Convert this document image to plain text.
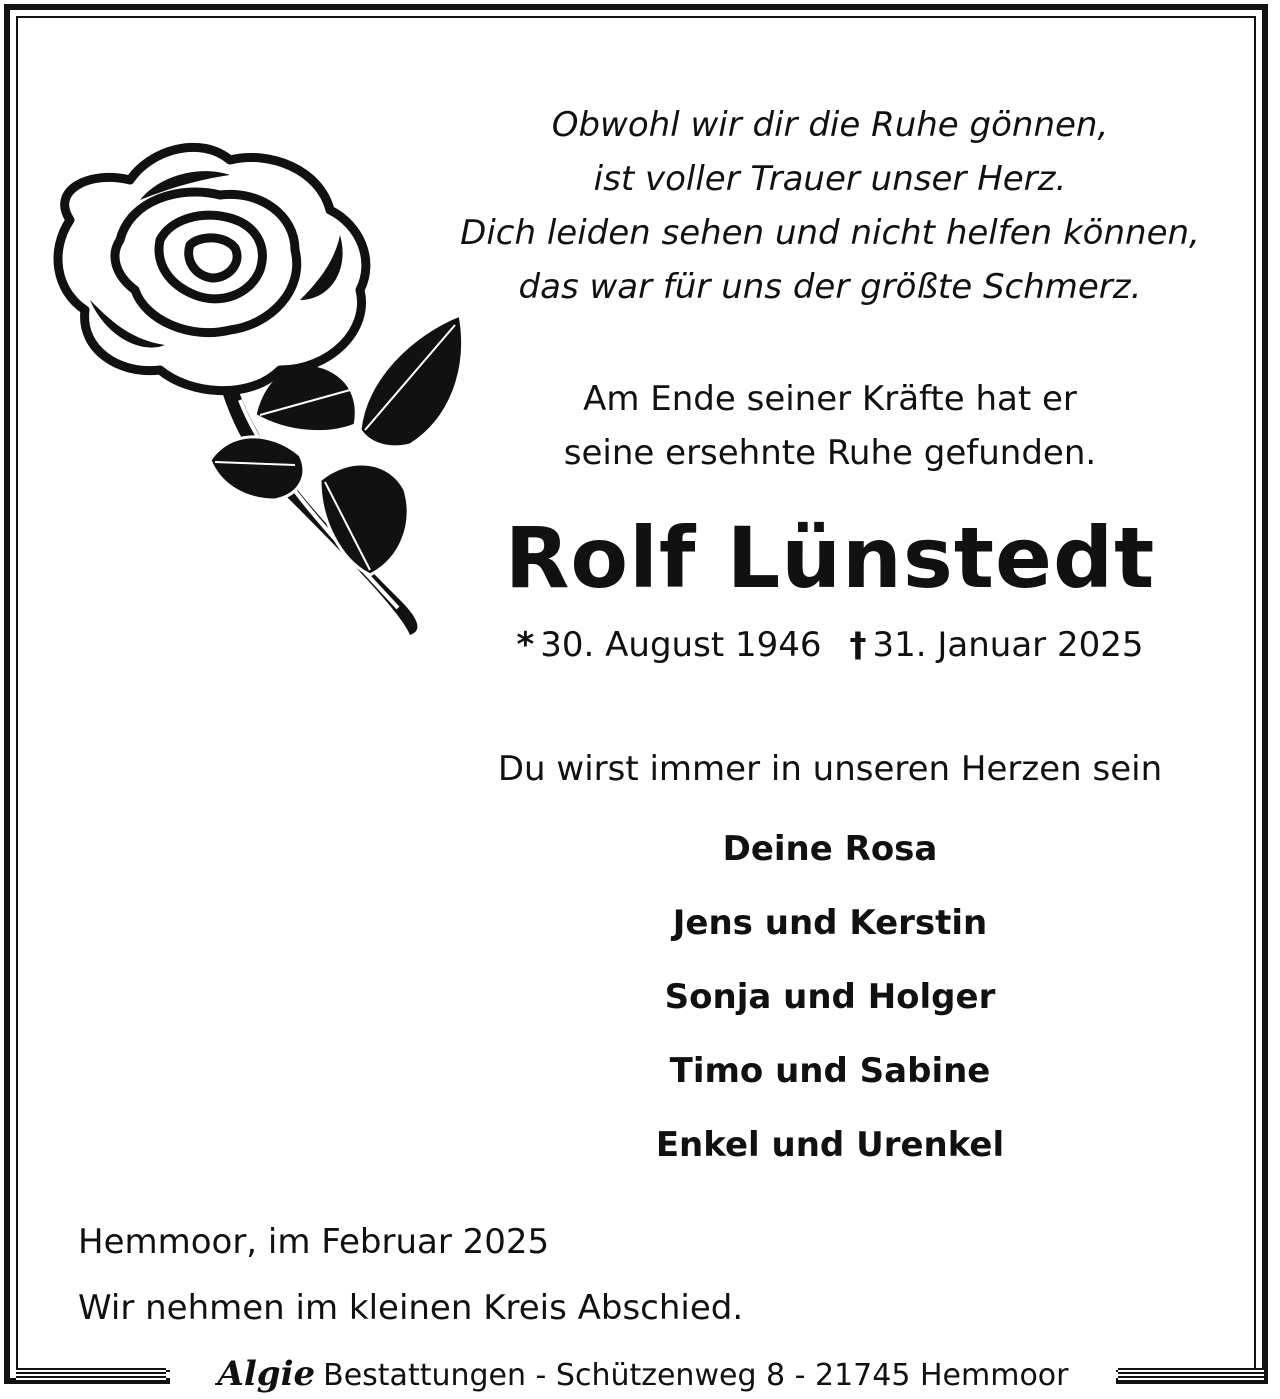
Obwohl wir dir die Ruhe gönnen,
ist voller Trauer unser Herz.
Dich leiden sehen und nicht helfen können,
das war für uns der größte Schmerz.
Am Ende seiner Kräfte hat er
seine ersehnte Ruhe gefunden.
Rolf Lünstedt
* 30. August 1946 † 31. Januar 2025
Du wirst immer in unseren Herzen sein
Deine Rosa
Jens und Kerstin
Sonja und Holger
Timo und Sabine
Enkel und Urenkel
Hemmoor, im Februar 2025
Wir nehmen im kleinen Kreis Abschied.
Algie Bestattungen - Schützenweg 8 - 21745 Hemmoor
